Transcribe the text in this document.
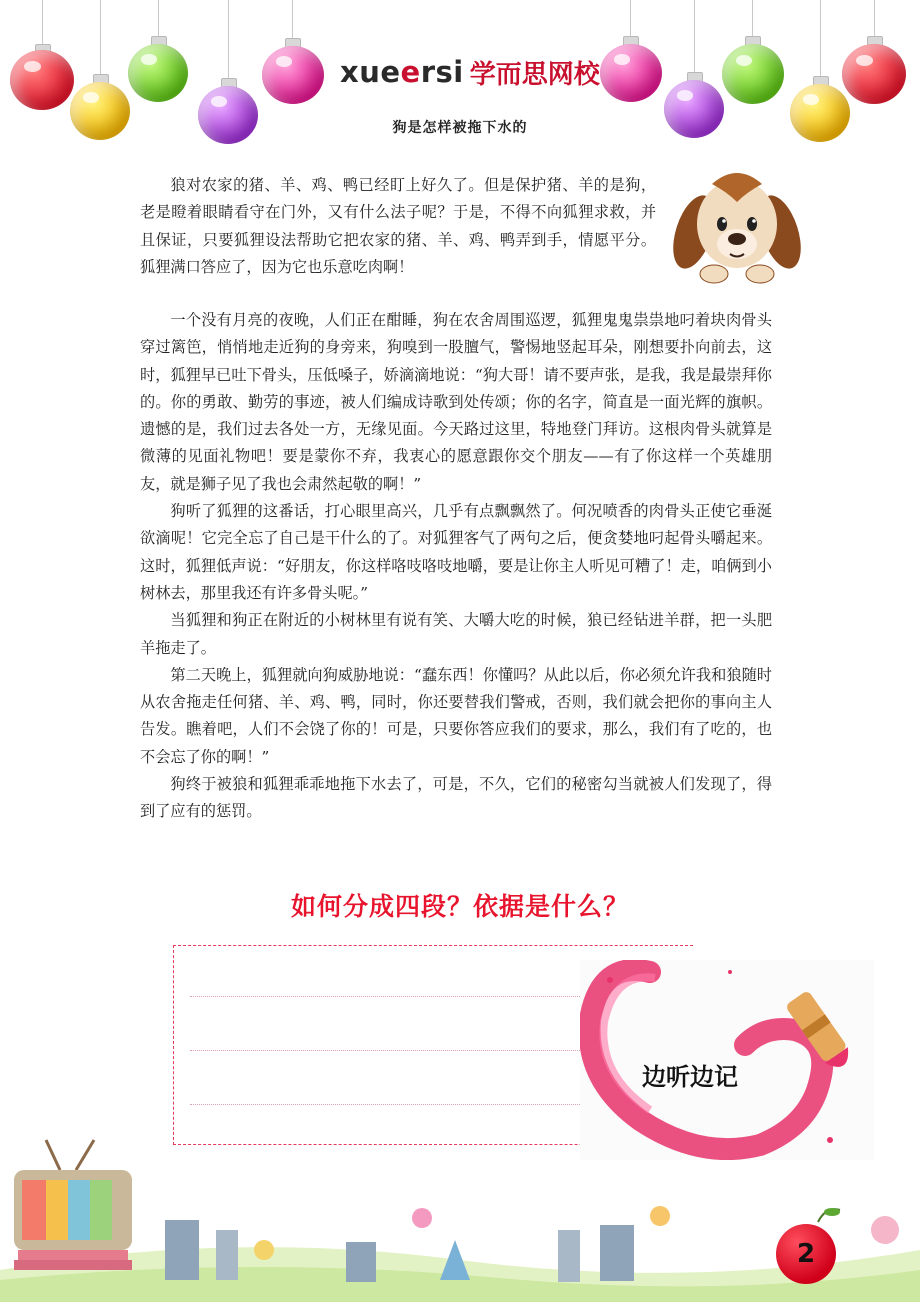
xueersi 学而思网校
狗是怎样被拖下水的

狼对农家的猪、羊、鸡、鸭已经盯上好久了。但是保护猪、羊的是狗，老是瞪着眼睛看守在门外，又有什么法子呢？于是，不得不向狐狸求救，并且保证，只要狐狸设法帮助它把农家的猪、羊、鸡、鸭弄到手，情愿平分。狐狸满口答应了，因为它也乐意吃肉啊！

一个没有月亮的夜晚，人们正在酣睡，狗在农舍周围巡逻，狐狸鬼鬼祟祟地叼着块肉骨头穿过篱笆，悄悄地走近狗的身旁来，狗嗅到一股膻气，警惕地竖起耳朵，刚想要扑向前去，这时，狐狸早已吐下骨头，压低嗓子，娇滴滴地说：“狗大哥！请不要声张，是我，我是最崇拜你的。你的勇敢、勤劳的事迹，被人们编成诗歌到处传颂；你的名字，简直是一面光辉的旗帜。遗憾的是，我们过去各处一方，无缘见面。今天路过这里，特地登门拜访。这根肉骨头就算是微薄的见面礼物吧！要是蒙你不弃，我衷心的愿意跟你交个朋友——有了你这样一个英雄朋友，就是狮子见了我也会肃然起敬的啊！”

狗听了狐狸的这番话，打心眼里高兴，几乎有点飘飘然了。何况喷香的肉骨头正使它垂涎欲滴呢！它完全忘了自己是干什么的了。对狐狸客气了两句之后，便贪婪地叼起骨头嚼起来。这时，狐狸低声说：“好朋友，你这样咯吱咯吱地嚼，要是让你主人听见可糟了！走，咱俩到小树林去，那里我还有许多骨头呢。”

当狐狸和狗正在附近的小树林里有说有笑、大嚼大吃的时候，狼已经钻进羊群，把一头肥羊拖走了。

第二天晚上，狐狸就向狗威胁地说：“蠢东西！你懂吗？从此以后，你必须允许我和狼随时从农舍拖走任何猪、羊、鸡、鸭，同时，你还要替我们警戒，否则，我们就会把你的事向主人告发。瞧着吧，人们不会饶了你的！可是，只要你答应我们的要求，那么，我们有了吃的，也不会忘了你的啊！”

狗终于被狼和狐狸乖乖地拖下水去了，可是，不久，它们的秘密勾当就被人们发现了，得到了应有的惩罚。

如何分成四段？依据是什么？
边听边记
2
